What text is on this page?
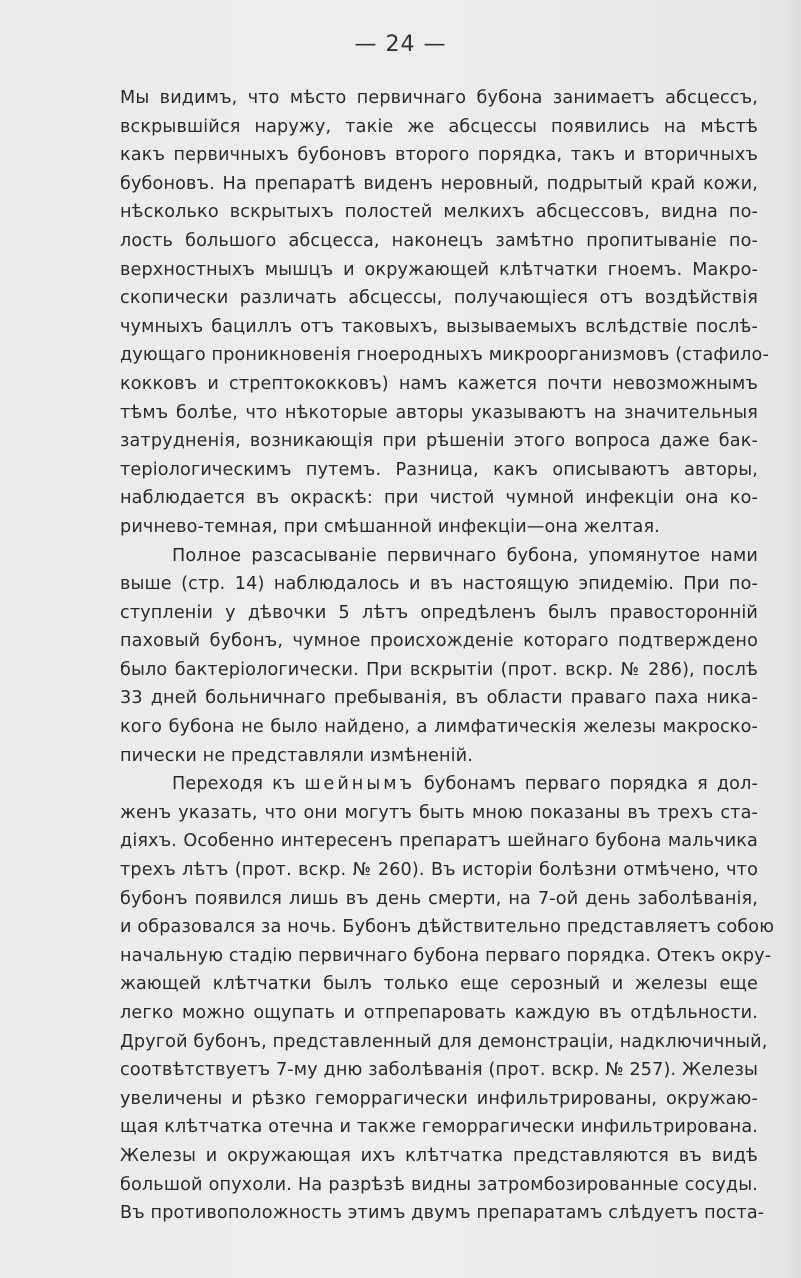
— 24 —
Мы видимъ, что мѣсто первичнаго бубона занимаетъ абсцессъ,
вскрывшійся наружу, такіе же абсцессы появились на мѣстѣ
какъ первичныхъ бубоновъ второго порядка, такъ и вторичныхъ
бубоновъ. На препаратѣ виденъ неровный, подрытый край кожи,
нѣсколько вскрытыхъ полостей мелкихъ абсцессовъ, видна по-
лость большого абсцесса, наконецъ замѣтно пропитываніе по-
верхностныхъ мышцъ и окружающей клѣтчатки гноемъ. Макро-
скопически различать абсцессы, получающіеся отъ воздѣйствія
чумныхъ бациллъ отъ таковыхъ, вызываемыхъ вслѣдствіе послѣ-
дующаго проникновенія гноеродныхъ микроорганизмовъ (стафило-
кокковъ и стрептококковъ) намъ кажется почти невозможнымъ
тѣмъ болѣе, что нѣкоторые авторы указываютъ на значительныя
затрудненія, возникающія при рѣшеніи этого вопроса даже бак-
теріологическимъ путемъ. Разница, какъ описываютъ авторы,
наблюдается въ окраскѣ: при чистой чумной инфекціи она ко-
ричнево-темная, при смѣшанной инфекціи—она желтая.
Полное разсасываніе первичнаго бубона, упомянутое нами
выше (стр. 14) наблюдалось и въ настоящую эпидемію. При по-
ступленіи у дѣвочки 5 лѣтъ опредѣленъ былъ правосторонній
паховый бубонъ, чумное происхожденіе котораго подтверждено
было бактеріологически. При вскрытіи (прот. вскр. № 286), послѣ
33 дней больничнаго пребыванія, въ области праваго паха ника-
кого бубона не было найдено, а лимфатическія железы макроско-
пически не представляли измѣненій.
Переходя къ шейнымъ бубонамъ перваго порядка я дол-
женъ указать, что они могутъ быть мною показаны въ трехъ ста-
діяхъ. Особенно интересенъ препаратъ шейнаго бубона мальчика
трехъ лѣтъ (прот. вскр. № 260). Въ исторіи болѣзни отмѣчено, что
бубонъ появился лишь въ день смерти, на 7-ой день заболѣванія,
и образовался за ночь. Бубонъ дѣйствительно представляетъ собою
начальную стадію первичнаго бубона перваго порядка. Отекъ окру-
жающей клѣтчатки былъ только еще серозный и железы еще
легко можно ощупать и отпрепаровать каждую въ отдѣльности.
Другой бубонъ, представленный для демонстраціи, надключичный,
соотвѣтствуетъ 7-му дню заболѣванія (прот. вскр. № 257). Железы
увеличены и рѣзко геморрагически инфильтрированы, окружаю-
щая клѣтчатка отечна и также геморрагически инфильтрирована.
Железы и окружающая ихъ клѣтчатка представляются въ видѣ
большой опухоли. На разрѣзѣ видны затромбозированные сосуды.
Въ противоположность этимъ двумъ препаратамъ слѣдуетъ поста-
